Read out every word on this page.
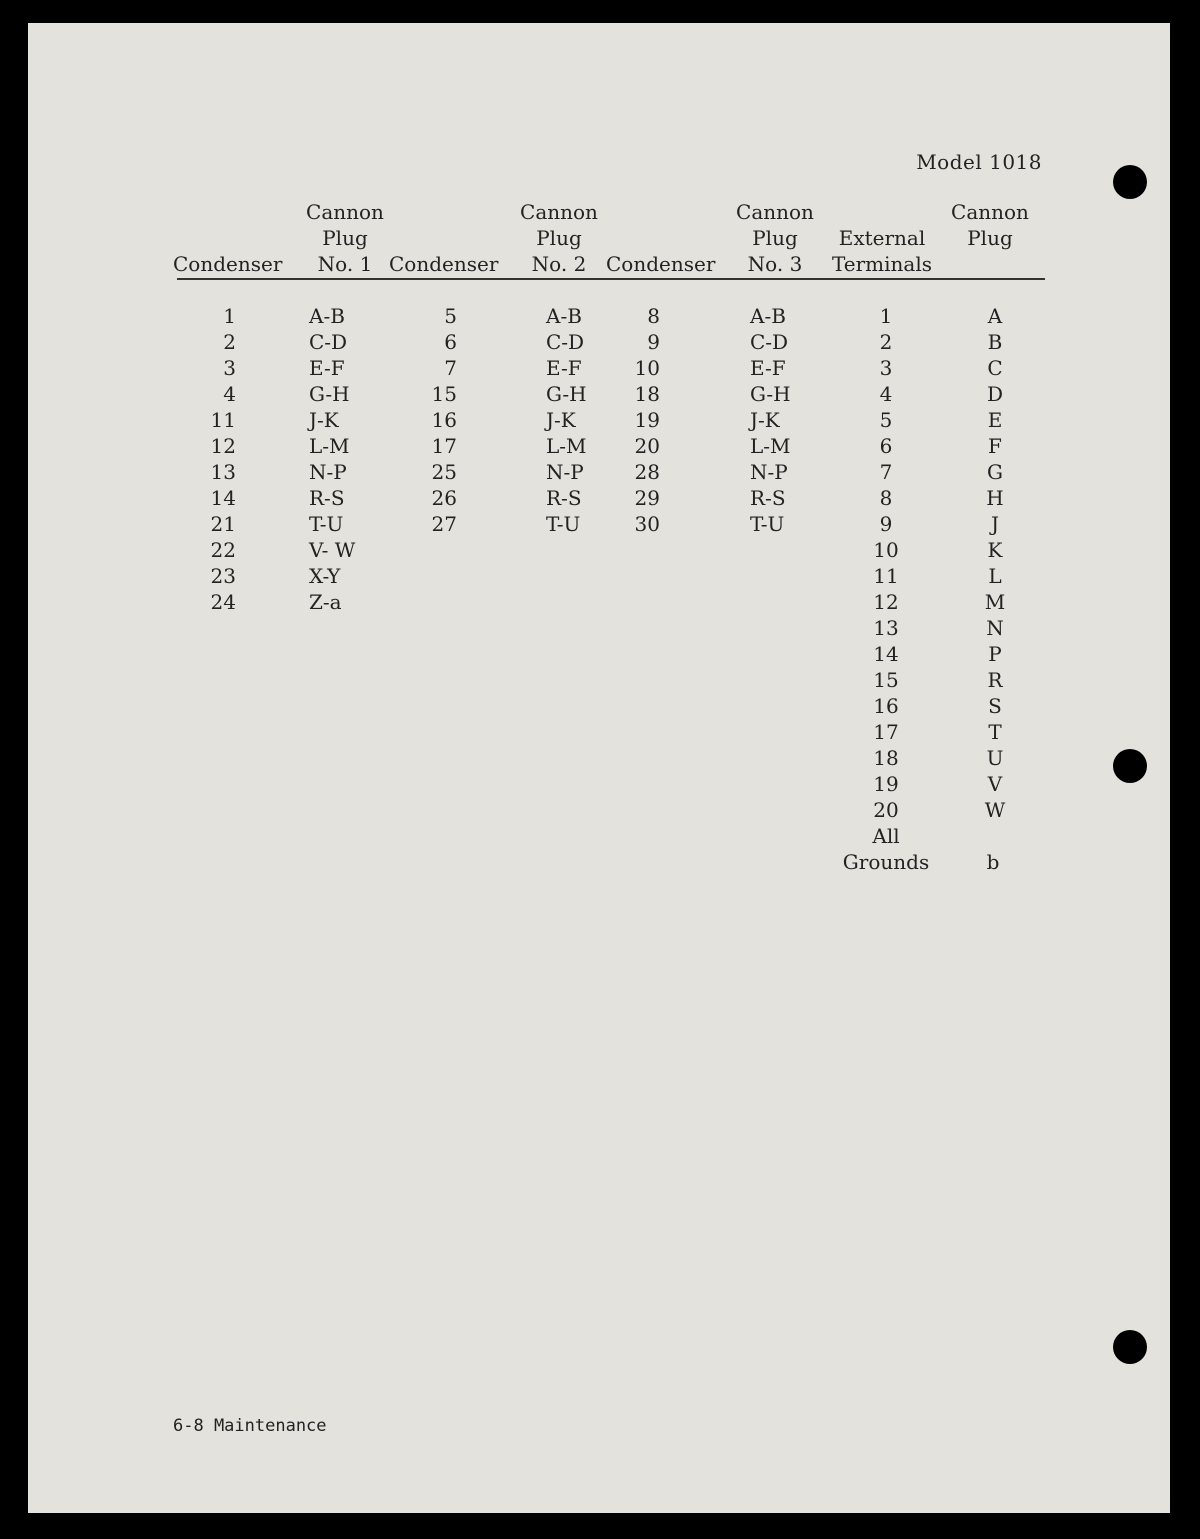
Model 1018
Condenser
Cannon
Plug
No. 1 Condenser
Cannon
Plug
No. 2 Condenser
Cannon
Plug
No. 3
External
Terminals
Cannon
Plug
1
2
3
4
11
12
13
14
21
22
23
24
A-B
C-D
E-F
G-H
J-K
L-M
N-P
R-S
T-U
V- W
X-Y
Z-a
5
6
7
15
16
17
25
26
27
A-B
C-D
E-F
G-H
J-K
L-M
N-P
R-S
T-U
8
9
10
18
19
20
28
29
30
A-B
C-D
E-F
G-H
J-K
L-M
N-P
R-S
T-U
1
2
3
4
5
6
7
8
9
10
11
12
13
14
15
16
17
18
19
20
A
B
C
D
E
F
G
H
J
K
L
M
N
P
R
S
T
U
V
W
All
Grounds	b
6-8 Maintenance
